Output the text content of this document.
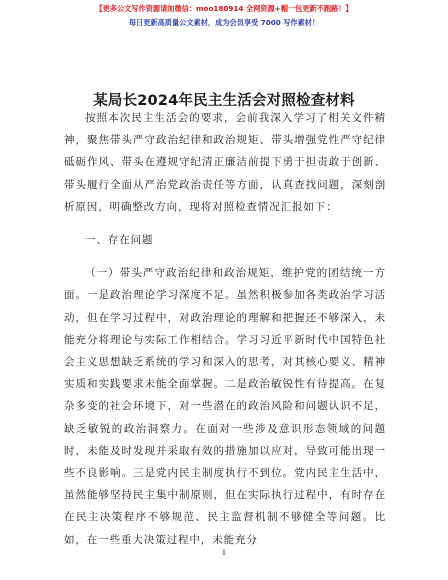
【更多公文写作资源请加微信：moo180914 全网资源+帽一包更新不跑路！】
每日更新高质量公文素材，成为会员享受 7000 写作素材！
某局长2024年民主生活会对照检查材料

按照本次民主生活会的要求，会前我深入学习了相关文件精神，聚焦带头严守政治纪律和政治规矩、带头增强党性严守纪律砥砺作风、带头在遵规守纪清正廉洁前提下勇于担责敢于创新、带头履行全面从严治党政治责任等方面，认真查找问题，深刻剖析原因，明确整改方向，现将对照检查情况汇报如下：

一、存在问题

（一）带头严守政治纪律和政治规矩，维护党的团结统一方面。一是政治理论学习深度不足。虽然积极参加各类政治学习活动，但在学习过程中，对政治理论的理解和把握还不够深入，未能充分将理论与实际工作相结合。学习习近平新时代中国特色社会主义思想缺乏系统的学习和深入的思考，对其核心要义、精神实质和实践要求未能全面掌握。二是政治敏锐性有待提高。在复杂多变的社会环境下，对一些潜在的政治风险和问题认识不足，缺乏敏锐的政治洞察力。在面对一些涉及意识形态领域的问题时，未能及时发现并采取有效的措施加以应对，导致可能出现一些不良影响。三是党内民主制度执行不到位。党内民主生活中，虽然能够坚持民主集中制原则，但在实际执行过程中，有时存在在民主决策程序不够规范、民主监督机制不够健全等问题。比如，在一些重大决策过程中，未能充分

1
